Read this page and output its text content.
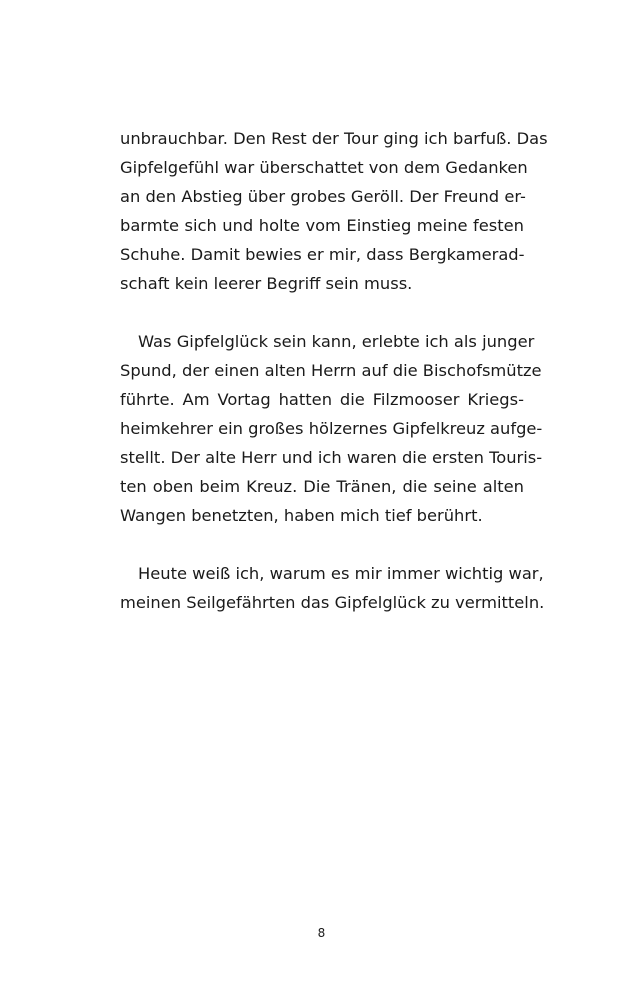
unbrauchbar. Den Rest der Tour ging ich barfuß. Das
Gipfelgefühl war überschattet von dem Gedanken
an den Abstieg über grobes Geröll. Der Freund er-
barmte sich und holte vom Einstieg meine festen
Schuhe. Damit bewies er mir, dass Bergkamerad-
schaft kein leerer Begriff sein muss.
Was Gipfelglück sein kann, erlebte ich als junger
Spund, der einen alten Herrn auf die Bischofsmütze
führte. Am Vortag hatten die Filzmooser Kriegs-
heimkehrer ein großes hölzernes Gipfelkreuz aufge-
stellt. Der alte Herr und ich waren die ersten Touris-
ten oben beim Kreuz. Die Tränen, die seine alten
Wangen benetzten, haben mich tief berührt.
Heute weiß ich, warum es mir immer wichtig war,
meinen Seilgefährten das Gipfelglück zu vermitteln.
8
